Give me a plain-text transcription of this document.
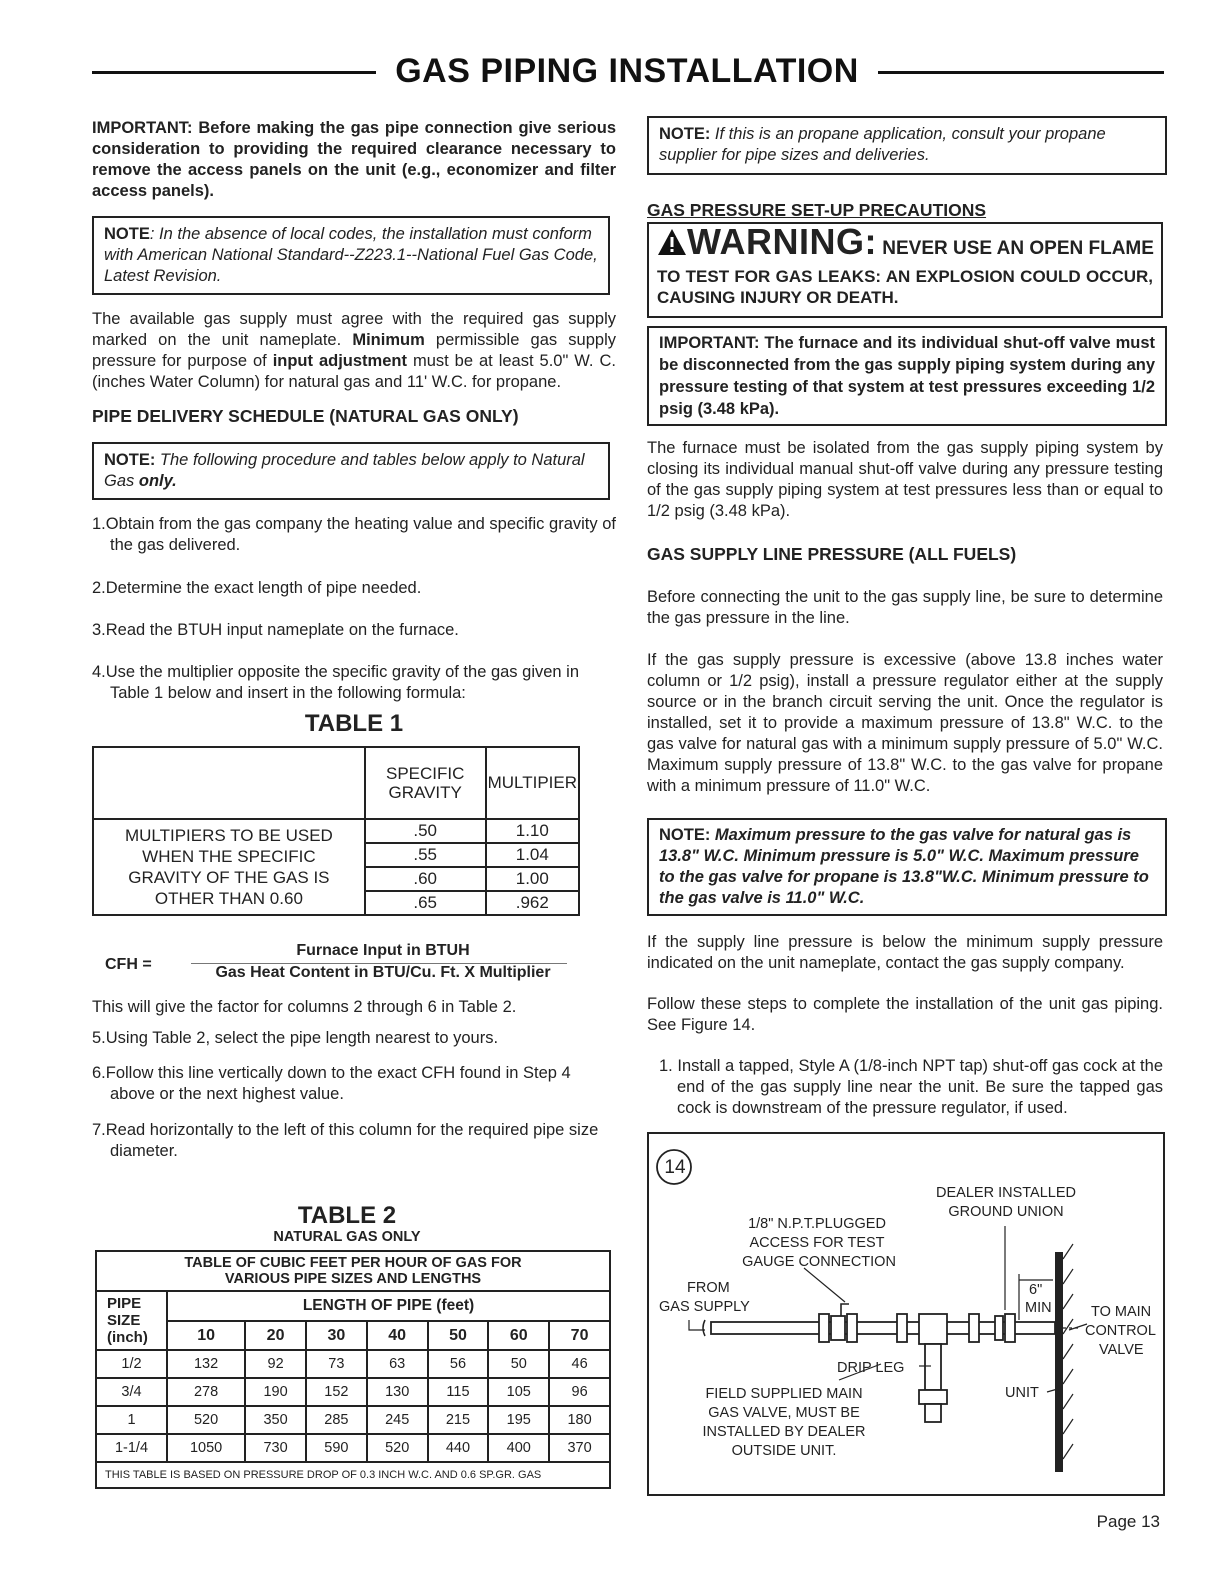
GAS PIPING INSTALLATION

IMPORTANT: Before making the gas pipe connection give serious consideration to providing the required clearance necessary to remove the access panels on the unit (e.g., economizer and filter access panels).

NOTE: In the absence of local codes, the installation must conform with American National Standard--Z223.1--National Fuel Gas Code, Latest Revision.

The available gas supply must agree with the required gas supply marked on the unit nameplate. Minimum permissible gas supply pressure for purpose of input adjustment must be at least 5.0" W. C. (inches Water Column) for natural gas and 11' W.C. for propane.

PIPE DELIVERY SCHEDULE (NATURAL GAS ONLY)
NOTE: The following procedure and tables below apply to Natural Gas only.

1.Obtain from the gas company the heating value and specific gravity of the gas delivered.

2.Determine the exact length of pipe needed.

3.Read the BTUH input nameplate on the furnace.

4.Use the multiplier opposite the specific gravity of the gas given in Table 1 below and insert in the following formula:

TABLE 1
	SPECIFIC GRAVITY	MULTIPIER
MULTIPIERS TO BE USED WHEN THE SPECIFIC GRAVITY OF THE GAS IS OTHER THAN 0.60	.50	1.10
	.55	1.04
	.60	1.00
	.65	.962
CFH =
Furnace Input in BTUH
Gas Heat Content in BTU/Cu. Ft. X Multiplier

This will give the factor for columns 2 through 6 in Table 2.

5.Using Table 2, select the pipe length nearest to yours.

6.Follow this line vertically down to the exact CFH found in Step 4 above or the next highest value.

7.Read horizontally to the left of this column for the required pipe size diameter.

TABLE 2
NATURAL GAS ONLY
TABLE OF CUBIC FEET PER HOUR OF GAS FOR VARIOUS PIPE SIZES AND LENGTHS							
PIPE SIZE (inch)	LENGTH OF PIPE (feet)						
	10	20	30	40	50	60	70
1/2	132	92	73	63	56	50	46
3/4	278	190	152	130	115	105	96
1	520	350	285	245	215	195	180
1-1/4	1050	730	590	520	440	400	370
THIS TABLE IS BASED ON PRESSURE DROP OF 0.3 INCH W.C. AND 0.6 SP.GR. GAS							
NOTE: If this is an propane application, consult your propane supplier for pipe sizes and deliveries.
GAS PRESSURE SET-UP PRECAUTIONS
WARNING: NEVER USE AN OPEN FLAME
TO TEST FOR GAS LEAKS: AN EXPLOSION COULD OCCUR, CAUSING INJURY OR DEATH.
IMPORTANT: The furnace and its individual shut-off valve must be disconnected from the gas supply piping system during any pressure testing of that system at test pressures exceeding 1/2 psig (3.48 kPa).

The furnace must be isolated from the gas supply piping system by closing its individual manual shut-off valve during any pressure testing of the gas supply piping system at test pressures less than or equal to 1/2 psig (3.48 kPa).

GAS SUPPLY LINE PRESSURE (ALL FUELS)

Before connecting the unit to the gas supply line, be sure to determine the gas pressure in the line.

If the gas supply pressure is excessive (above 13.8 inches water column or 1/2 psig), install a pressure regulator either at the supply source or in the branch circuit serving the unit. Once the regulator is installed, set it to provide a maximum pressure of 13.8" W.C. to the gas valve for natural gas with a minimum supply pressure of 5.0" W.C. Maximum supply pressure of 13.8" W.C. to the gas valve for propane with a minimum pressure of 11.0" W.C.

NOTE: Maximum pressure to the gas valve for natural gas is 13.8" W.C. Minimum pressure is 5.0" W.C. Maximum pressure to the gas valve for propane is 13.8"W.C. Minimum pressure to the gas valve is 11.0" W.C.

If the supply line pressure is below the minimum supply pressure indicated on the unit nameplate, contact the gas supply company.

Follow these steps to complete the installation of the unit gas piping. See Figure 14.

1. Install a tapped, Style A (1/8-inch NPT tap) shut-off gas cock at the end of the gas supply line near the unit. Be sure the tapped gas cock is downstream of the pressure regulator, if used.

14
DEALER INSTALLED GROUND UNION
1/8" N.P.T.PLUGGED
ACCESS FOR TEST
GAUGE CONNECTION
FROM
GAS SUPPLY
6"
MIN	TO MAIN
CONTROL
VALVE
DRIP LEG
UNIT
FIELD SUPPLIED MAIN
GAS VALVE, MUST BE
INSTALLED BY DEALER
OUTSIDE UNIT.
Page 13
